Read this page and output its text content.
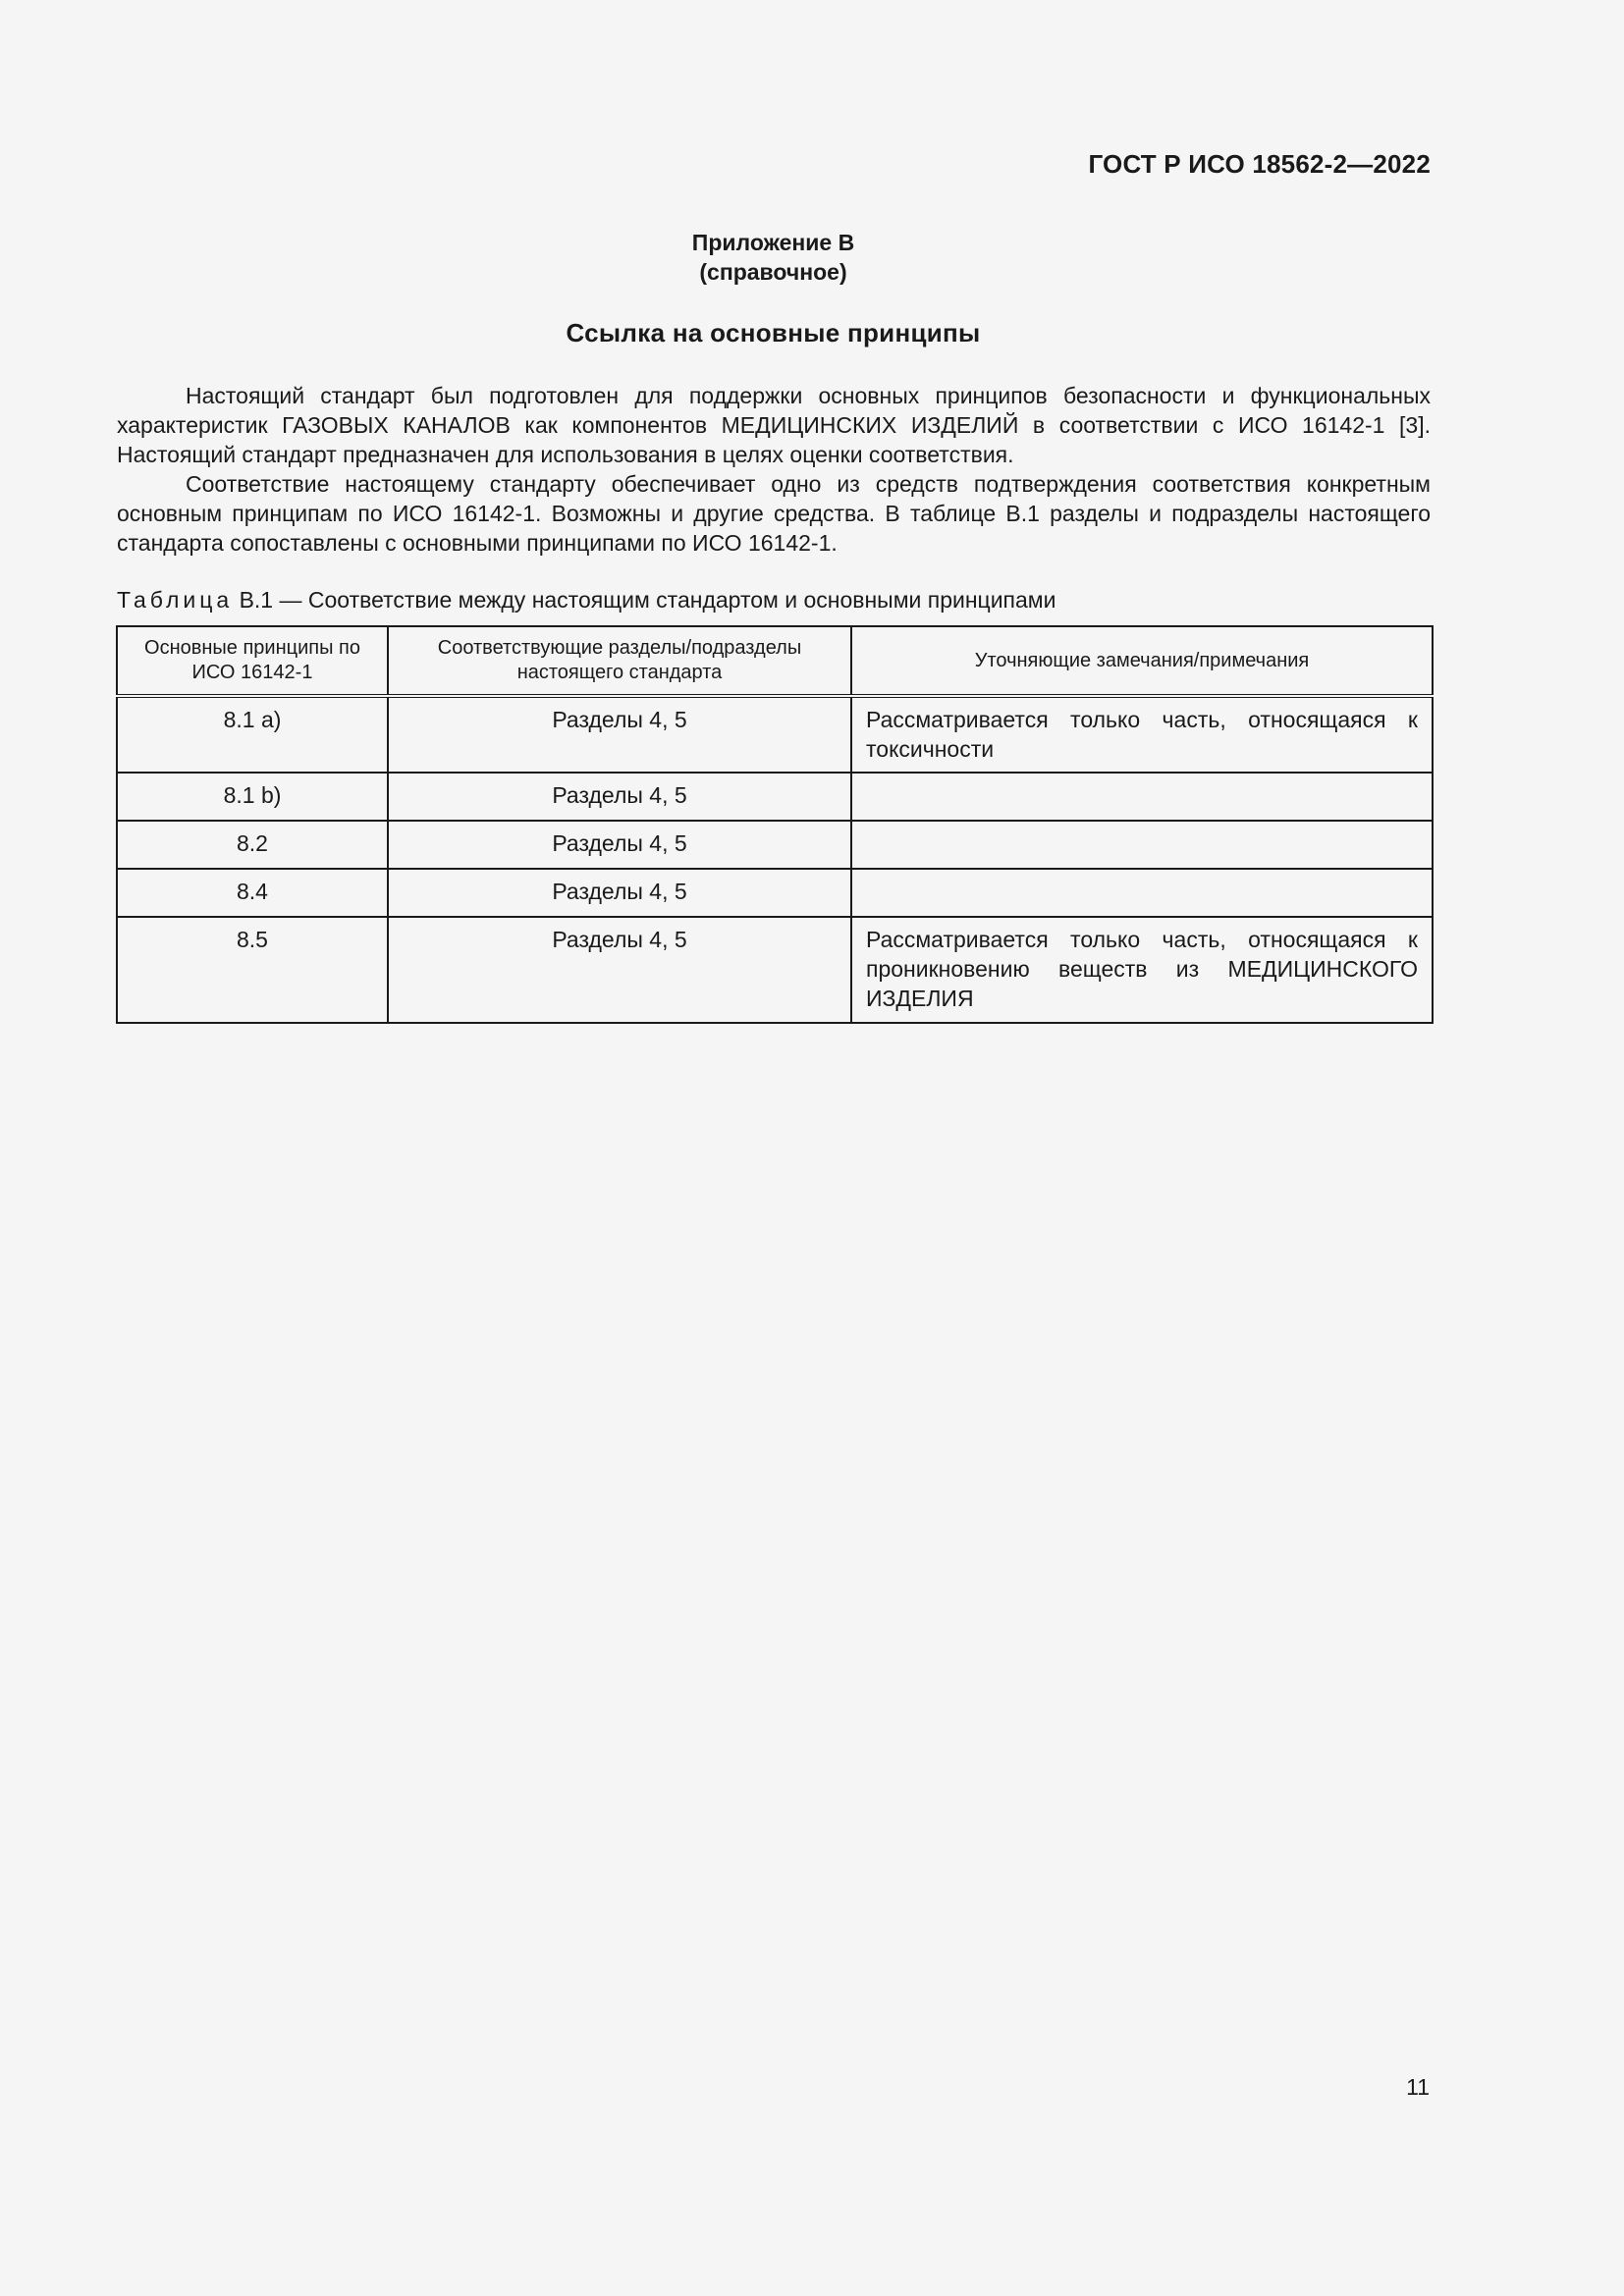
ГОСТ Р ИСО 18562-2—2022
Приложение В
(справочное)
Ссылка на основные принципы

Настоящий стандарт был подготовлен для поддержки основных принципов безопасности и функциональных характеристик ГАЗОВЫХ КАНАЛОВ как компонентов МЕДИЦИНСКИХ ИЗДЕЛИЙ в соответствии с ИСО 16142-1 [3]. Настоящий стандарт предназначен для использования в целях оценки соответствия.

Соответствие настоящему стандарту обеспечивает одно из средств подтверждения соответствия конкретным основным принципам по ИСО 16142-1. Возможны и другие средства. В таблице В.1 разделы и подразделы настоящего стандарта сопоставлены с основными принципами по ИСО 16142-1.

Таблица В.1 — Соответствие между настоящим стандартом и основными принципами
Основные принципы по ИСО 16142-1	Соответствующие разделы/подразделы настоящего стандарта	Уточняющие замечания/примечания
8.1 a)	Разделы 4, 5	Рассматривается только часть, относящаяся к токсичности
8.1 b)	Разделы 4, 5	
8.2	Разделы 4, 5	
8.4	Разделы 4, 5	
8.5	Разделы 4, 5	Рассматривается только часть, относящаяся к проникновению веществ из МЕДИЦИНСКОГО ИЗДЕЛИЯ
11
